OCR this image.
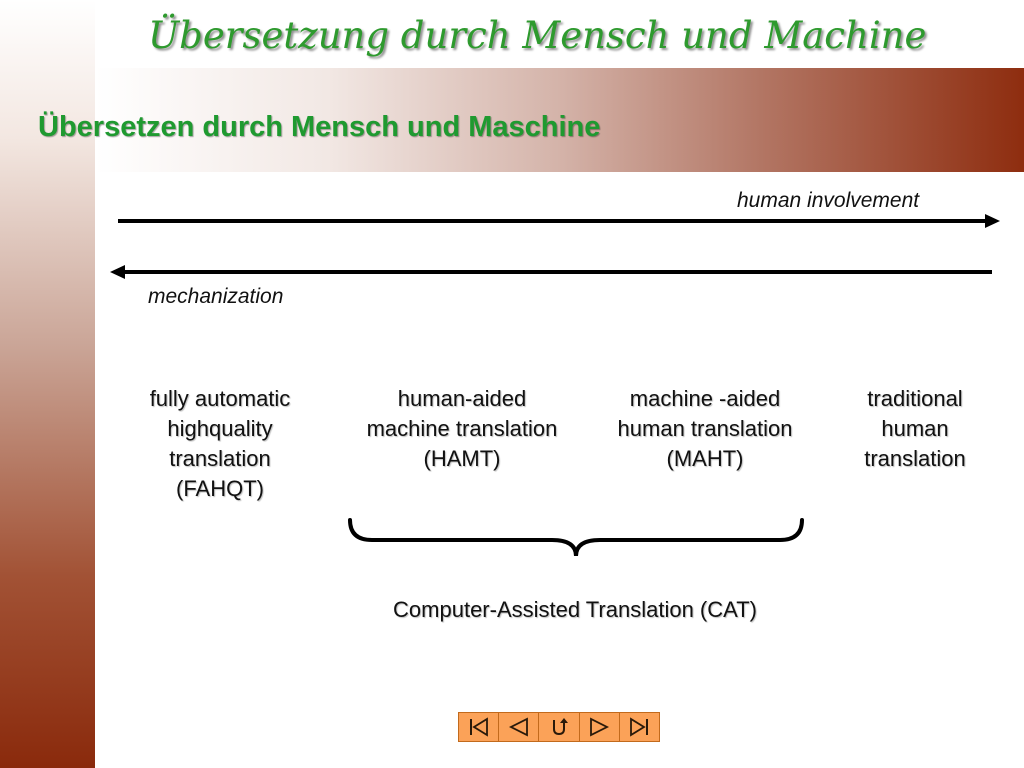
Übersetzung durch Mensch und Machine
Übersetzen durch Mensch und Maschine
human involvement
mechanization
fully automatic
highquality
translation
(FAHQT)
human-aided
machine translation
(HAMT)
machine -aided
human translation
(MAHT)
traditional
human
translation
Computer-Assisted Translation (CAT)
